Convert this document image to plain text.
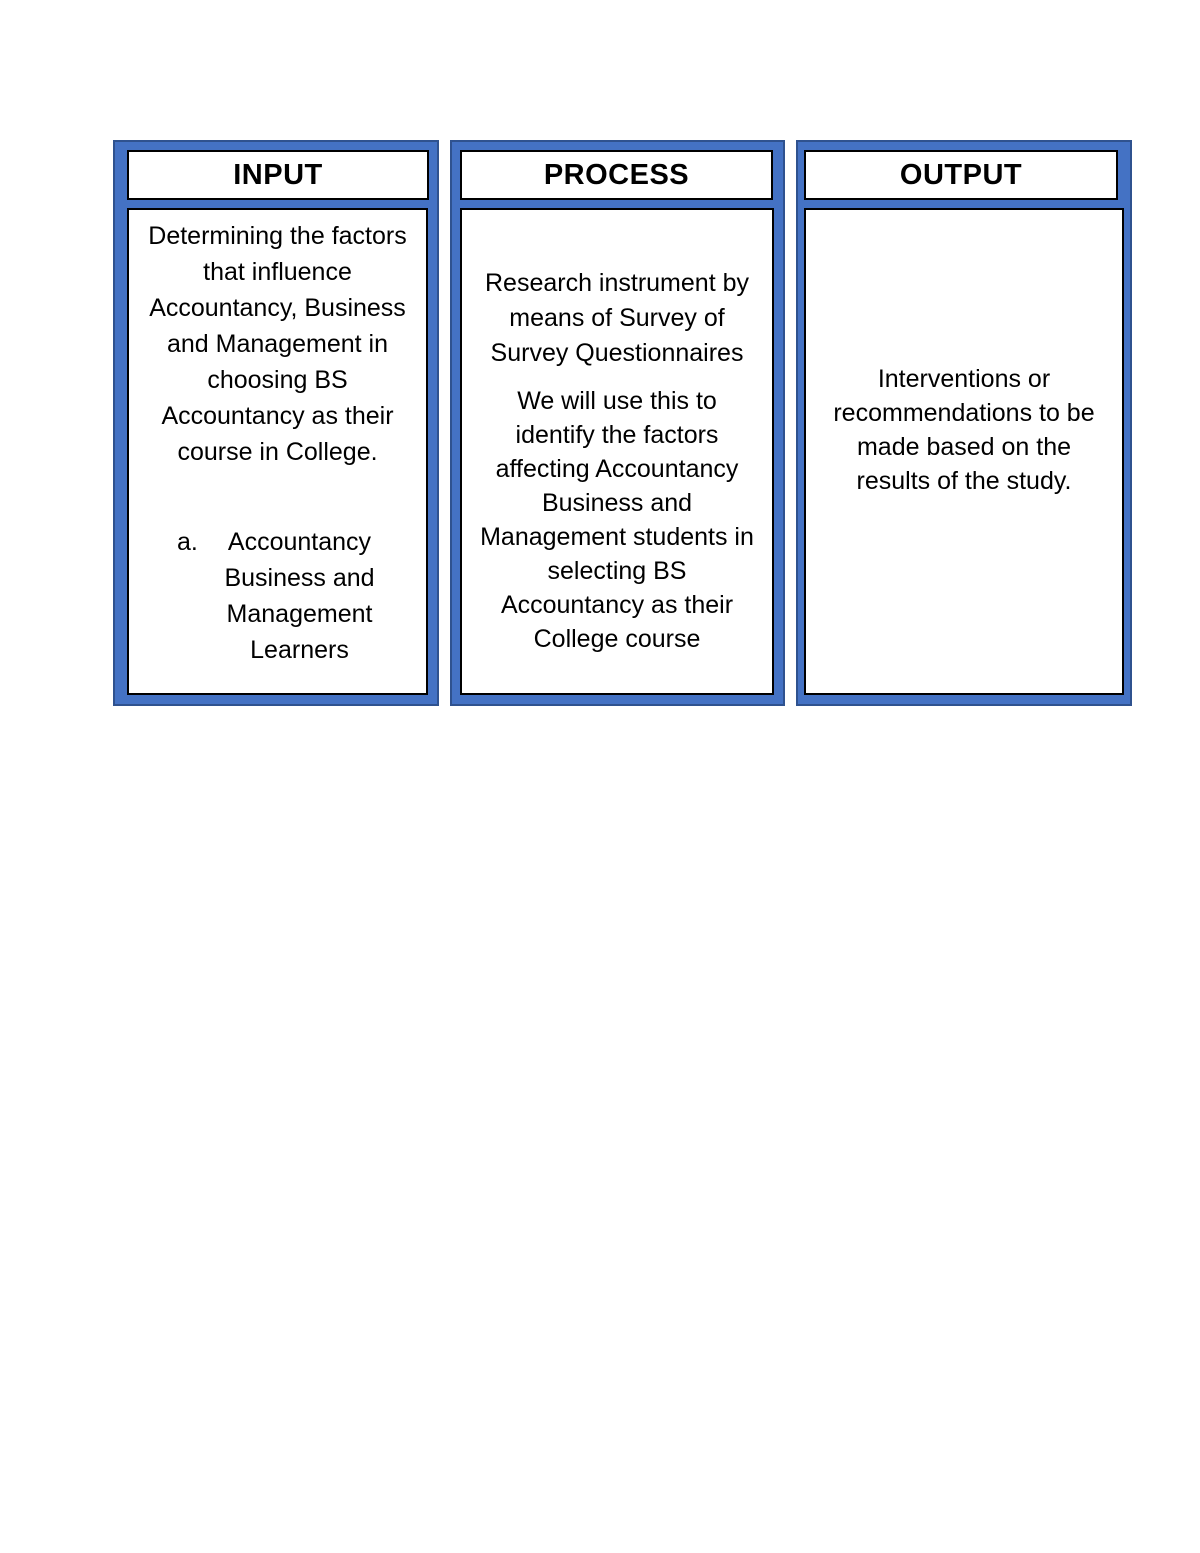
INPUT
Determining the factors that influence Accountancy, Business and Management in choosing BS Accountancy as their course in College.
a.	Accountancy Business and Management Learners
PROCESS
Research instrument by means of Survey of Survey Questionnaires
We will use this to identify the factors affecting Accountancy Business and Management students in selecting BS Accountancy as their College course
OUTPUT
Interventions or recommendations to be made based on the results of the study.
